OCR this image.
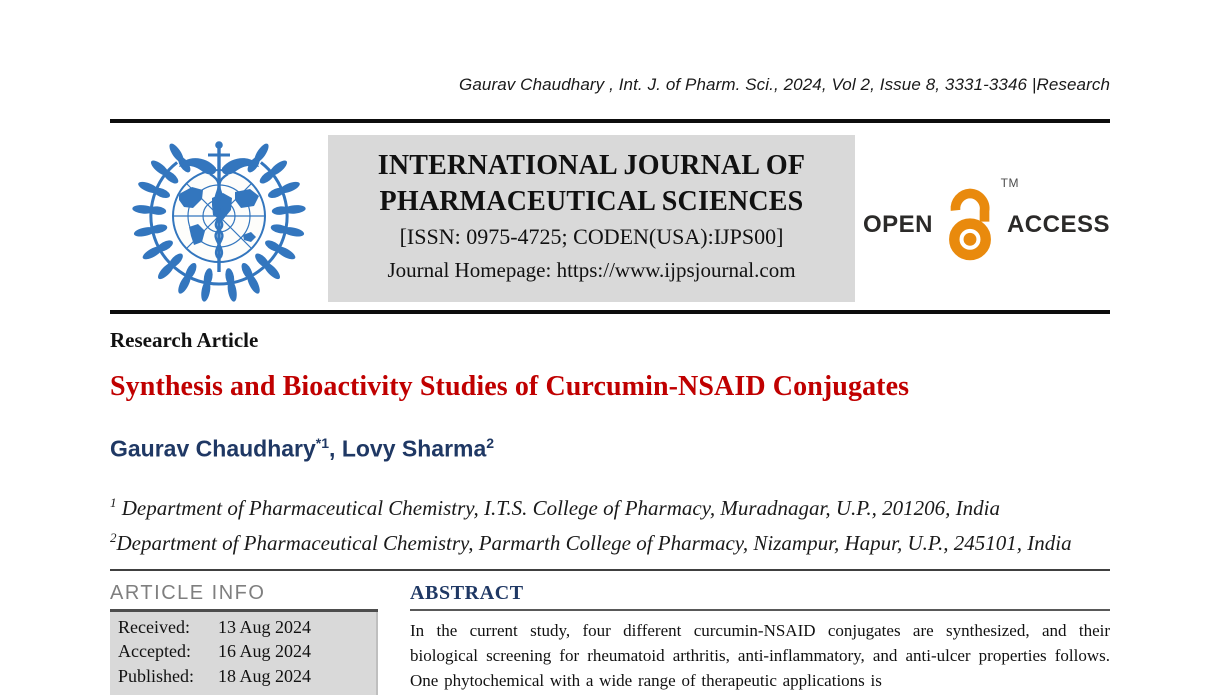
Gaurav Chaudhary , Int. J. of Pharm. Sci., 2024, Vol 2, Issue 8, 3331-3346 |Research
INTERNATIONAL JOURNAL OF
PHARMACEUTICAL SCIENCES
[ISSN: 0975-4725; CODEN(USA):IJPS00]
Journal Homepage: https://www.ijpsjournal.com
OPEN
TM
ACCESS
Research Article
Synthesis and Bioactivity Studies of Curcumin-NSAID Conjugates
Gaurav Chaudhary$^{*1}$, Lovy Sharma$^2$
$^1$ Department of Pharmaceutical Chemistry, I.T.S. College of Pharmacy, Muradnagar, U.P., 201206, India
$^2$Department of Pharmaceutical Chemistry, Parmarth College of Pharmacy, Nizampur, Hapur, U.P., 245101, India
ARTICLE INFO
Received: 13 Aug 2024
Accepted: 16 Aug 2024
Published: 18 Aug 2024
ABSTRACT

In the current study, four different curcumin-NSAID conjugates are synthesized, and their biological screening for rheumatoid arthritis, anti-inflammatory, and anti-ulcer properties follows. One phytochemical with a wide range of therapeutic applications is
